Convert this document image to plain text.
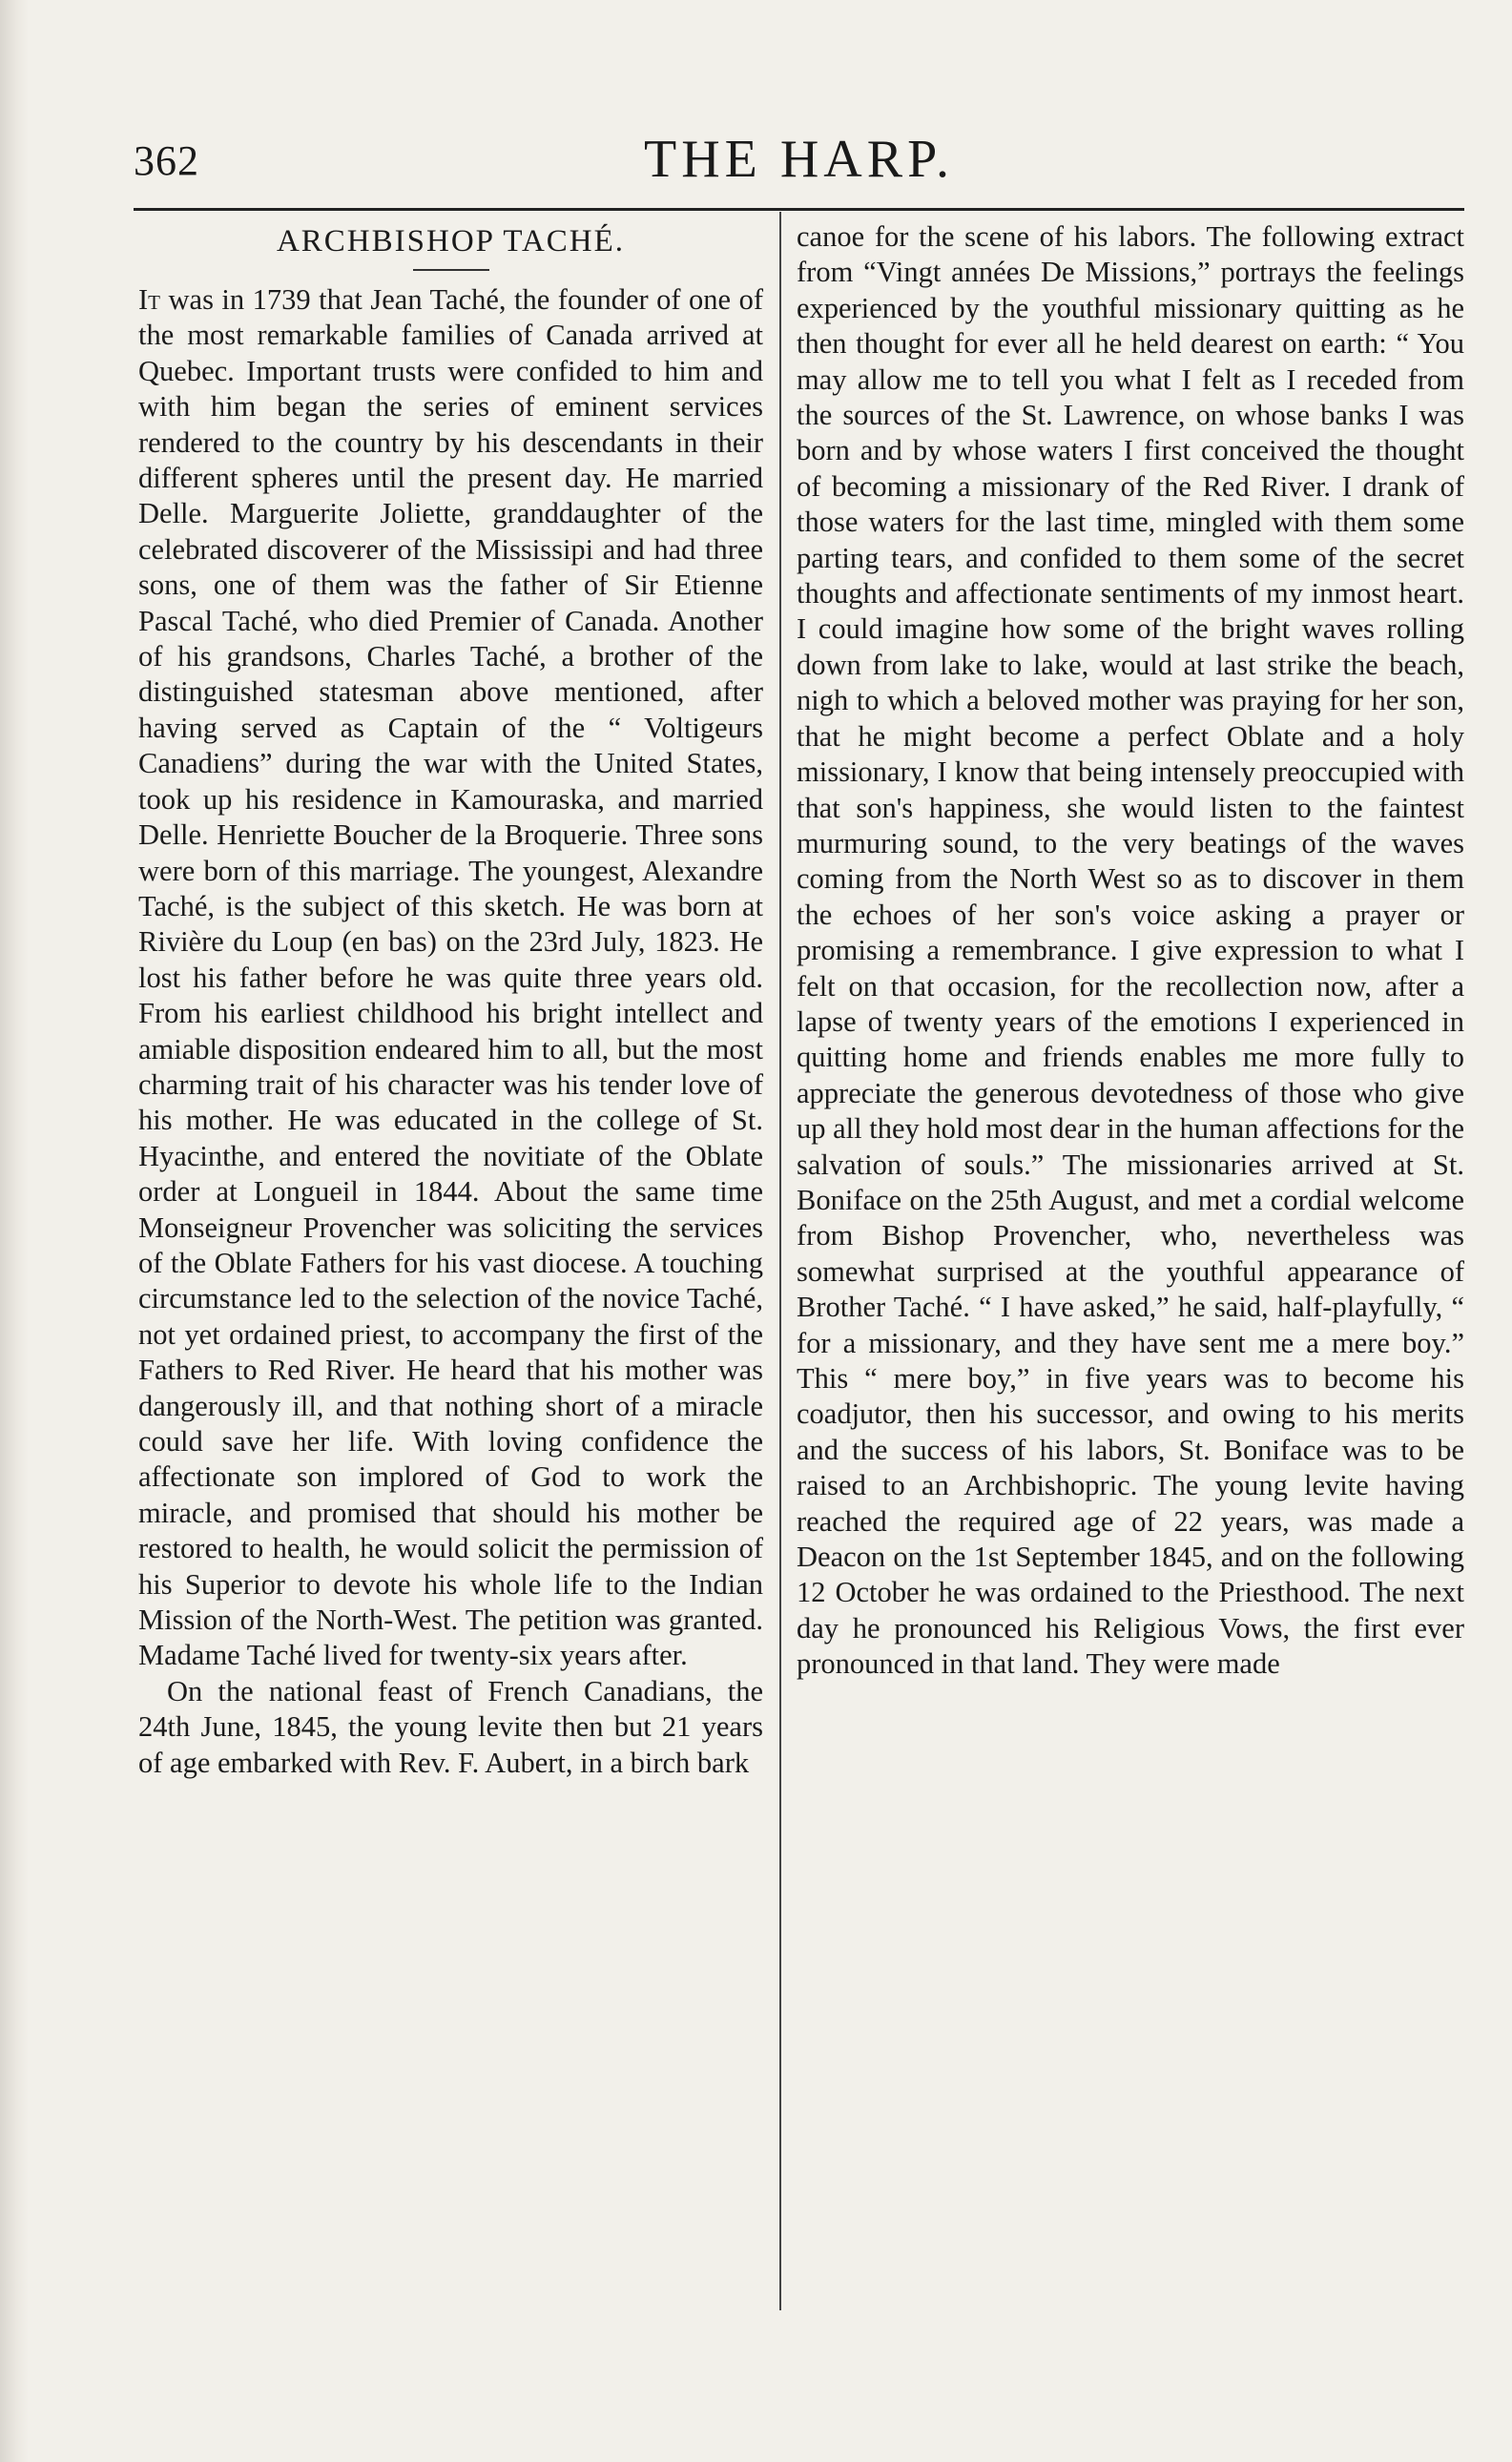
362	THE HARP.
ARCHBISHOP TACHÉ.

It was in 1739 that Jean Taché, the founder of one of the most remarkable families of Canada arrived at Quebec. Important trusts were confided to him and with him began the series of eminent services rendered to the country by his descendants in their different spheres until the present day. He married Delle. Marguerite Joliette, granddaughter of the celebrated discoverer of the Mississipi and had three sons, one of them was the father of Sir Etienne Pascal Taché, who died Premier of Canada. Another of his grandsons, Charles Taché, a brother of the distinguished statesman above mentioned, after having served as Captain of the “ Voltigeurs Canadiens” during the war with the United States, took up his residence in Kamouraska, and married Delle. Henriette Boucher de la Broquerie. Three sons were born of this marriage. The youngest, Alexandre Taché, is the subject of this sketch. He was born at Rivière du Loup (en bas) on the 23rd July, 1823. He lost his father before he was quite three years old. From his earliest childhood his bright intellect and amiable disposition endeared him to all, but the most charming trait of his character was his tender love of his mother. He was educated in the college of St. Hyacinthe, and entered the novitiate of the Oblate order at Longueil in 1844. About the same time Monseigneur Provencher was soliciting the services of the Oblate Fathers for his vast diocese. A touching circumstance led to the selection of the novice Taché, not yet ordained priest, to accompany the first of the Fathers to Red River. He heard that his mother was dangerously ill, and that nothing short of a miracle could save her life. With loving confidence the affectionate son implored of God to work the miracle, and promised that should his mother be restored to health, he would solicit the permission of his Superior to devote his whole life to the Indian Mission of the North-West. The petition was granted. Madame Taché lived for twenty-six years after.

On the national feast of French Canadians, the 24th June, 1845, the young levite then but 21 years of age embarked with Rev. F. Aubert, in a birch bark

canoe for the scene of his labors. The following extract from “Vingt années De Missions,” portrays the feelings experienced by the youthful missionary quitting as he then thought for ever all he held dearest on earth: “ You may allow me to tell you what I felt as I receded from the sources of the St. Lawrence, on whose banks I was born and by whose waters I first conceived the thought of becoming a missionary of the Red River. I drank of those waters for the last time, mingled with them some parting tears, and confided to them some of the secret thoughts and affectionate sentiments of my inmost heart. I could imagine how some of the bright waves rolling down from lake to lake, would at last strike the beach, nigh to which a beloved mother was praying for her son, that he might become a perfect Oblate and a holy missionary, I know that being intensely preoccupied with that son's happiness, she would listen to the faintest murmuring sound, to the very beatings of the waves coming from the North West so as to discover in them the echoes of her son's voice asking a prayer or promising a remembrance. I give expression to what I felt on that occasion, for the recollection now, after a lapse of twenty years of the emotions I experienced in quitting home and friends enables me more fully to appreciate the generous devotedness of those who give up all they hold most dear in the human affections for the salvation of souls.” The missionaries arrived at St. Boniface on the 25th August, and met a cordial welcome from Bishop Provencher, who, nevertheless was somewhat surprised at the youthful appearance of Brother Taché. “ I have asked,” he said, half-playfully, “ for a missionary, and they have sent me a mere boy.” This “ mere boy,” in five years was to become his coadjutor, then his successor, and owing to his merits and the success of his labors, St. Boniface was to be raised to an Archbishopric. The young levite having reached the required age of 22 years, was made a Deacon on the 1st September 1845, and on the following 12 October he was ordained to the Priesthood. The next day he pronounced his Religious Vows, the first ever pronounced in that land. They were made
